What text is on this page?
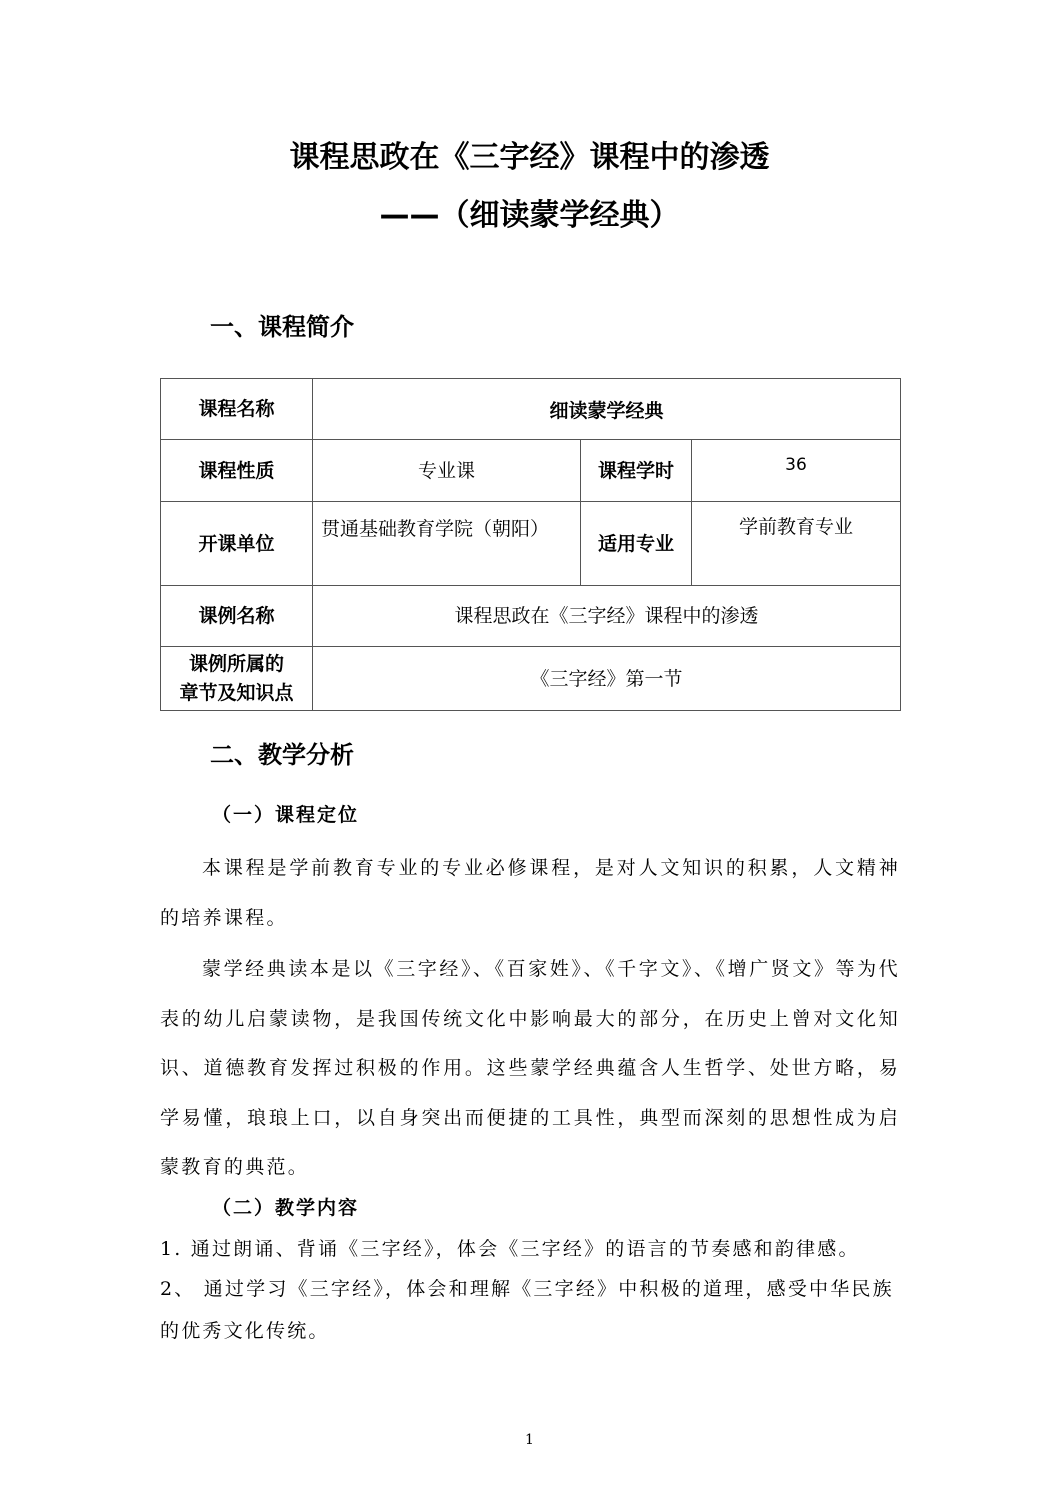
课程思政在《三字经》课程中的渗透
——（细读蒙学经典）
一、课程简介
课程名称	细读蒙学经典		
课程性质	专业课	课程学时	36
开课单位	贯通基础教育学院（朝阳）	适用专业	学前教育专业
课例名称	课程思政在《三字经》课程中的渗透		

课例所属的
章节及知识点	《三字经》第一节		
二、教学分析
（一）课程定位

本课程是学前教育专业的专业必修课程，是对人文知识的积累，人文精神的培养课程。

蒙学经典读本是以《三字经》、《百家姓》、《千字文》、《增广贤文》等为代表的幼儿启蒙读物，是我国传统文化中影响最大的部分，在历史上曾对文化知识、道德教育发挥过积极的作用。这些蒙学经典蕴含人生哲学、处世方略，易学易懂，琅琅上口，以自身突出而便捷的工具性，典型而深刻的思想性成为启蒙教育的典范。

（二）教学内容

1. 通过朗诵、背诵《三字经》，体会《三字经》的语言的节奏感和韵律感。

2、 通过学习《三字经》，体会和理解《三字经》中积极的道理，感受中华民族的优秀文化传统。

1
